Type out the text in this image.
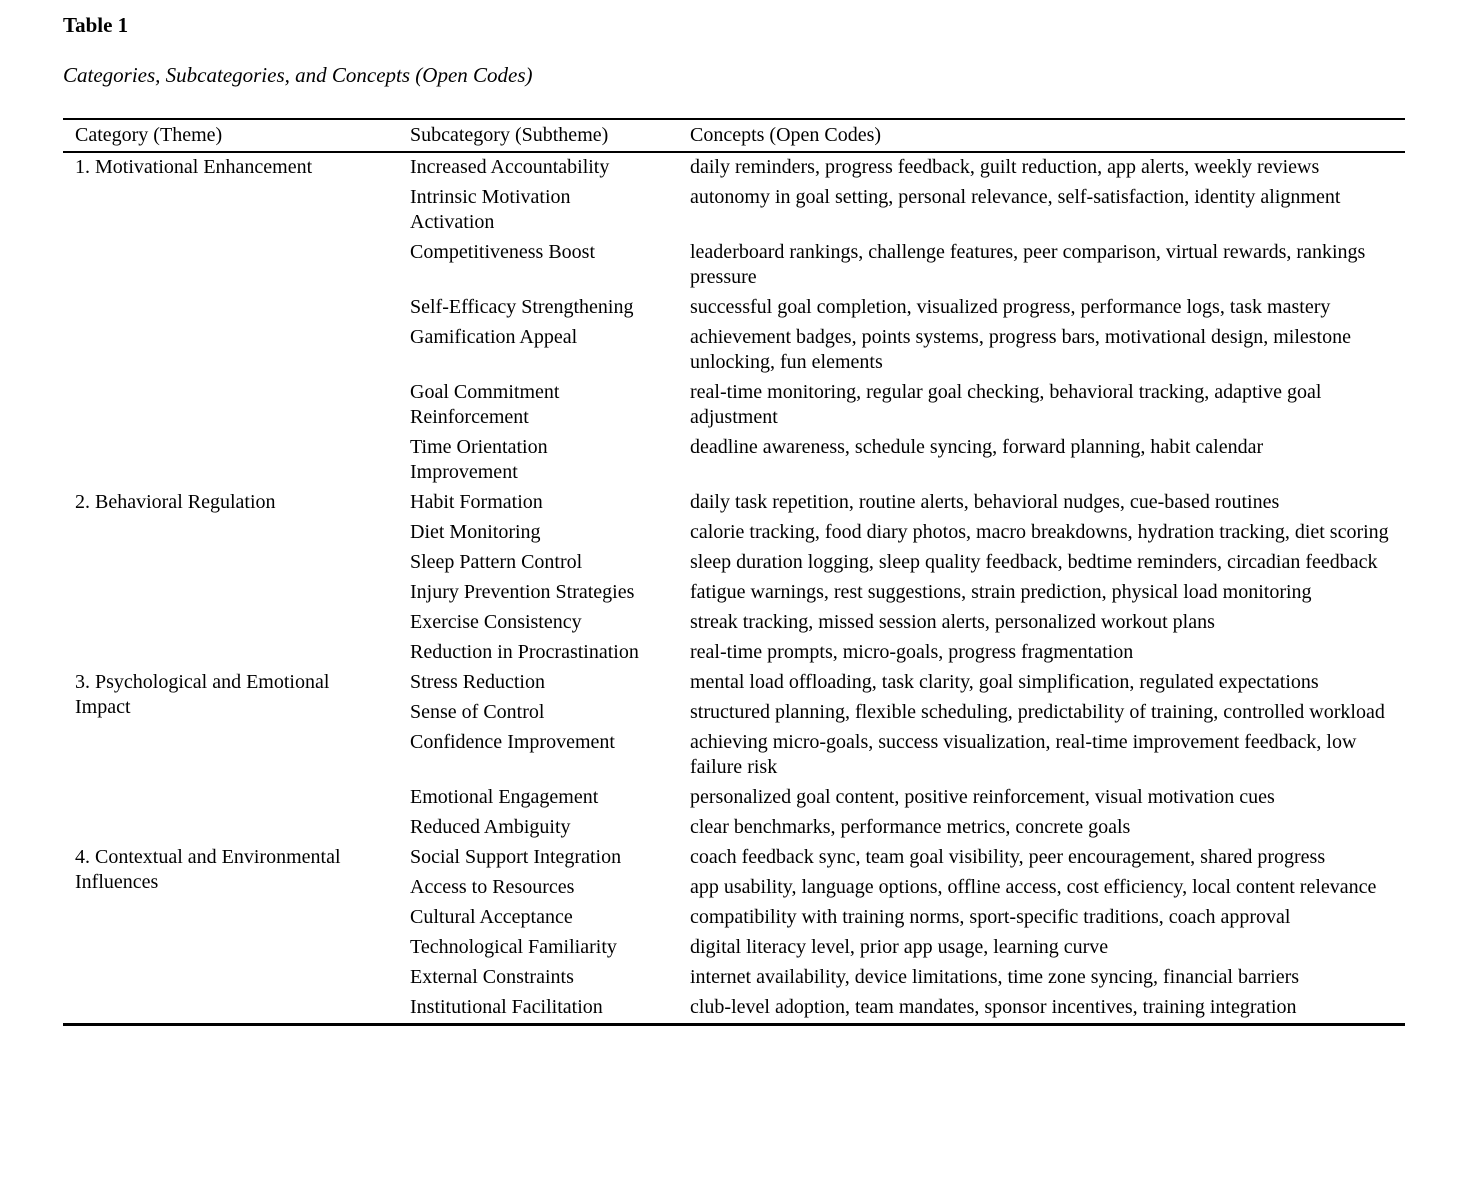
Table 1
Categories, Subcategories, and Concepts (Open Codes)
Category (Theme)	Subcategory (Subtheme)	Concepts (Open Codes)
1. Motivational Enhancement	Increased Accountability	daily reminders, progress feedback, guilt reduction, app alerts, weekly reviews
	Intrinsic Motivation Activation	autonomy in goal setting, personal relevance, self-satisfaction, identity alignment
	Competitiveness Boost	leaderboard rankings, challenge features, peer comparison, virtual rewards, rankings pressure
	Self-Efficacy Strengthening	successful goal completion, visualized progress, performance logs, task mastery
	Gamification Appeal	achievement badges, points systems, progress bars, motivational design, milestone unlocking, fun elements
	Goal Commitment Reinforcement	real-time monitoring, regular goal checking, behavioral tracking, adaptive goal adjustment
	Time Orientation Improvement	deadline awareness, schedule syncing, forward planning, habit calendar
2. Behavioral Regulation	Habit Formation	daily task repetition, routine alerts, behavioral nudges, cue-based routines
	Diet Monitoring	calorie tracking, food diary photos, macro breakdowns, hydration tracking, diet scoring
	Sleep Pattern Control	sleep duration logging, sleep quality feedback, bedtime reminders, circadian feedback
	Injury Prevention Strategies	fatigue warnings, rest suggestions, strain prediction, physical load monitoring
	Exercise Consistency	streak tracking, missed session alerts, personalized workout plans
	Reduction in Procrastination	real-time prompts, micro-goals, progress fragmentation
3. Psychological and Emotional Impact	Stress Reduction	mental load offloading, task clarity, goal simplification, regulated expectations
	Sense of Control	structured planning, flexible scheduling, predictability of training, controlled workload
	Confidence Improvement	achieving micro-goals, success visualization, real-time improvement feedback, low failure risk
	Emotional Engagement	personalized goal content, positive reinforcement, visual motivation cues
	Reduced Ambiguity	clear benchmarks, performance metrics, concrete goals
4. Contextual and Environmental Influences	Social Support Integration	coach feedback sync, team goal visibility, peer encouragement, shared progress
	Access to Resources	app usability, language options, offline access, cost efficiency, local content relevance
	Cultural Acceptance	compatibility with training norms, sport-specific traditions, coach approval
	Technological Familiarity	digital literacy level, prior app usage, learning curve
	External Constraints	internet availability, device limitations, time zone syncing, financial barriers
	Institutional Facilitation	club-level adoption, team mandates, sponsor incentives, training integration
